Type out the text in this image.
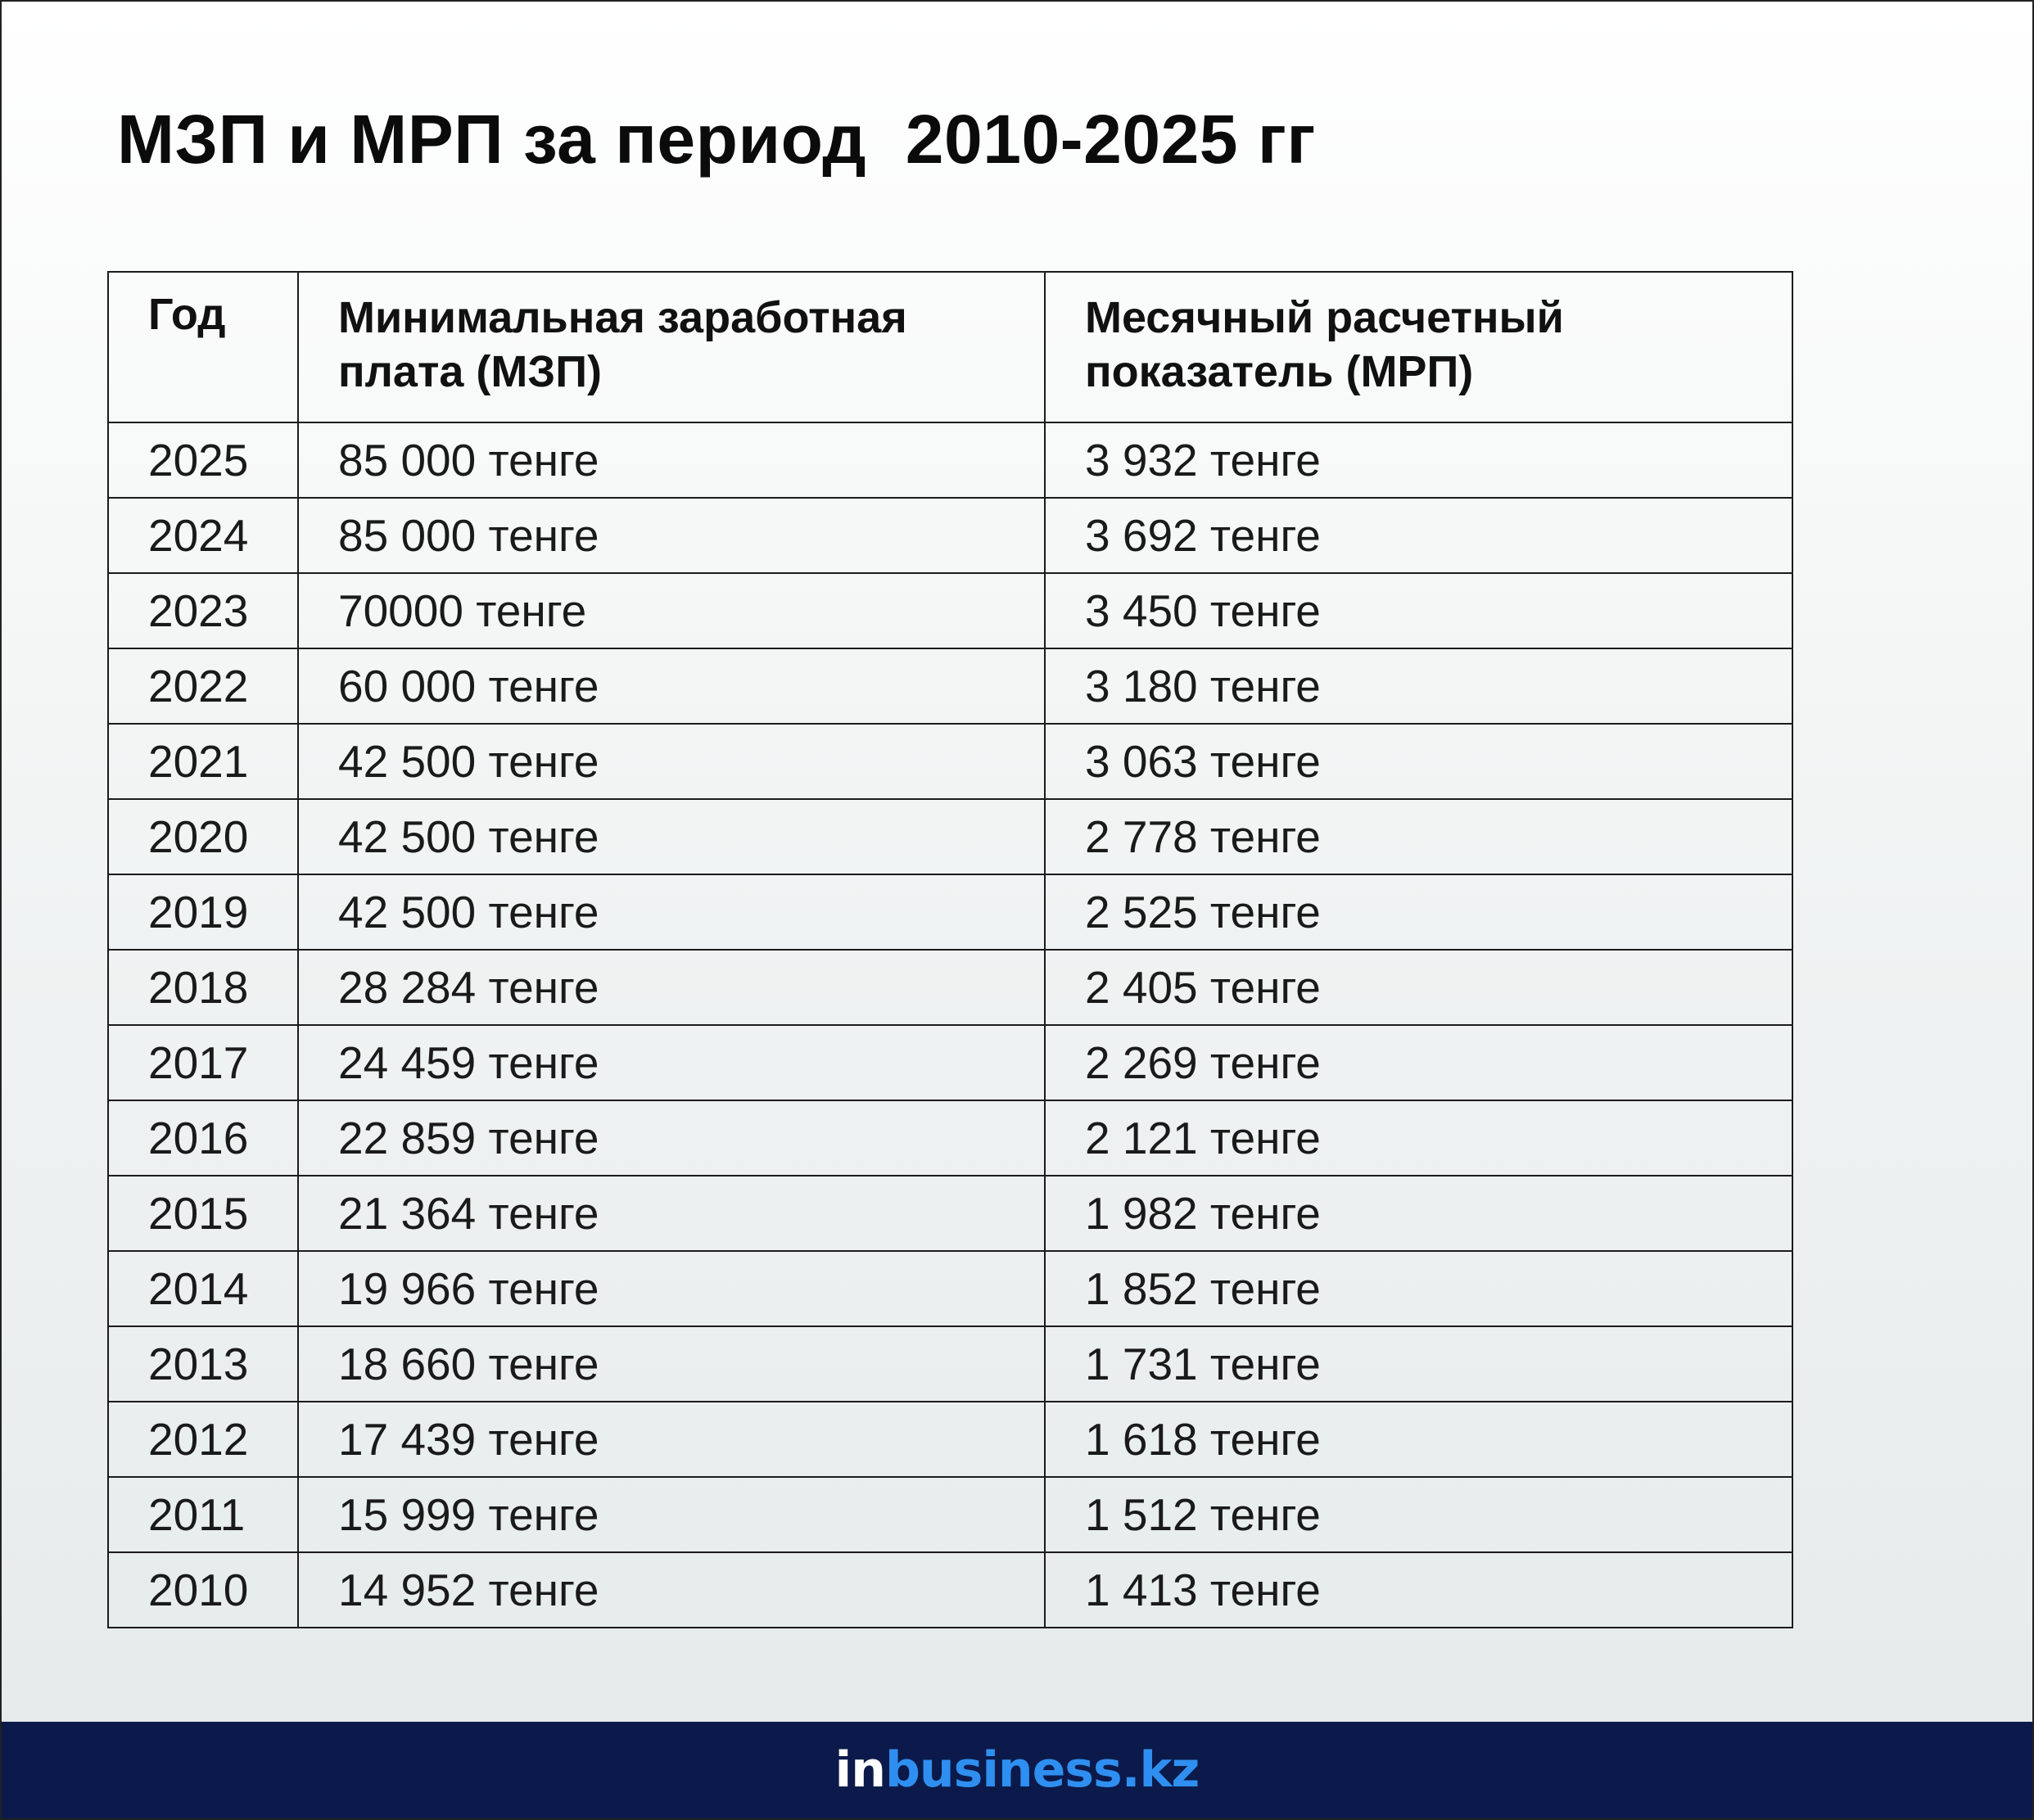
МЗП и МРП за период  2010-2025 гг
Год	Минимальная заработная плата (МЗП)	Месячный расчетный показатель (МРП)
2025	85 000 тенге	3 932 тенге
2024	85 000 тенге	3 692 тенге
2023	70000 тенге	3 450 тенге
2022	60 000 тенге	3 180 тенге
2021	42 500 тенге	3 063 тенге
2020	42 500 тенге	2 778 тенге
2019	42 500 тенге	2 525 тенге
2018	28 284 тенге	2 405 тенге
2017	24 459 тенге	2 269 тенге
2016	22 859 тенге	2 121 тенге
2015	21 364 тенге	1 982 тенге
2014	19 966 тенге	1 852 тенге
2013	18 660 тенге	1 731 тенге
2012	17 439 тенге	1 618 тенге
2011	15 999 тенге	1 512 тенге
2010	14 952 тенге	1 413 тенге
inbusiness.kz
